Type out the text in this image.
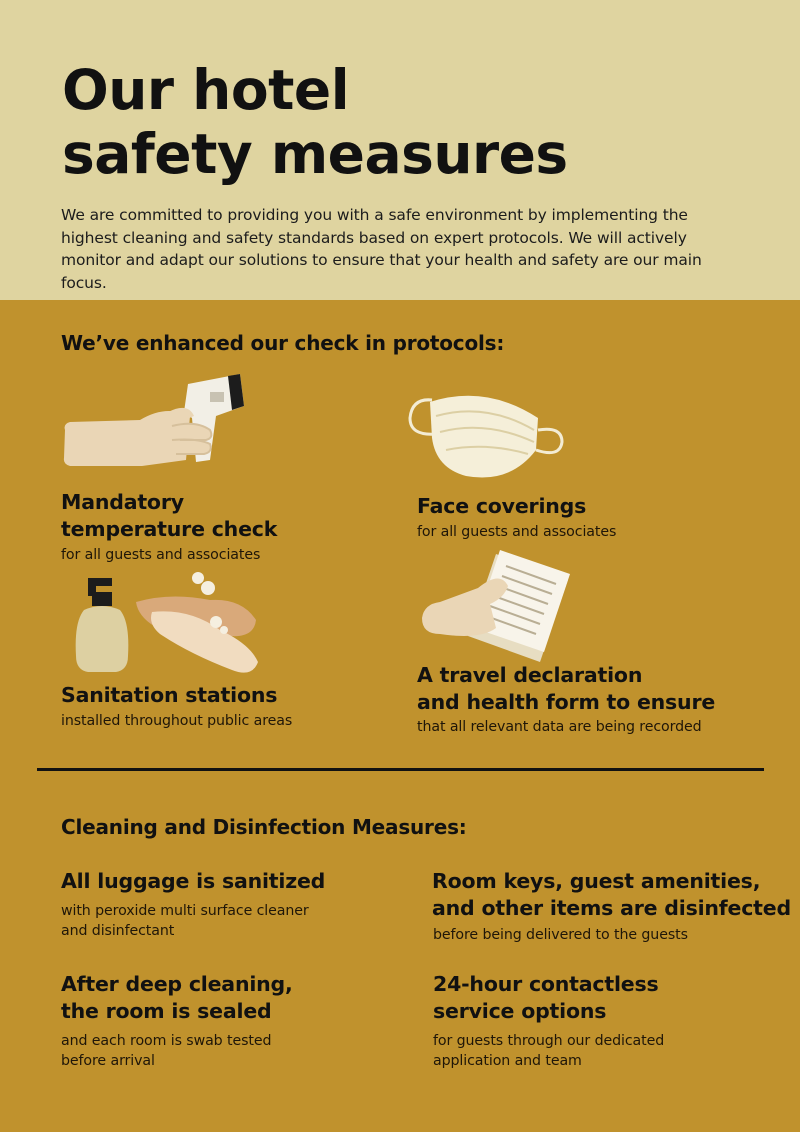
Our hotel
safety measures
We are committed to providing you with a safe environment by implementing the highest cleaning and safety standards based on expert protocols. We will actively monitor and adapt our solutions to ensure that your health and safety are our main focus.
We’ve enhanced our check in protocols:
Mandatory
temperature check
for all guests and associates
Face coverings
for all guests and associates
Sanitation stations
installed throughout public areas
A travel declaration
and health form to ensure
that all relevant data are being recorded
Cleaning and Disinfection Measures:
All luggage is sanitized
with peroxide multi surface cleaner
and disinfectant
Room keys, guest amenities,
and other items are disinfected
before being delivered to the guests
After deep cleaning,
the room is sealed
and each room is swab tested
before arrival
24-hour contactless
service options
for guests through our dedicated
application and team
